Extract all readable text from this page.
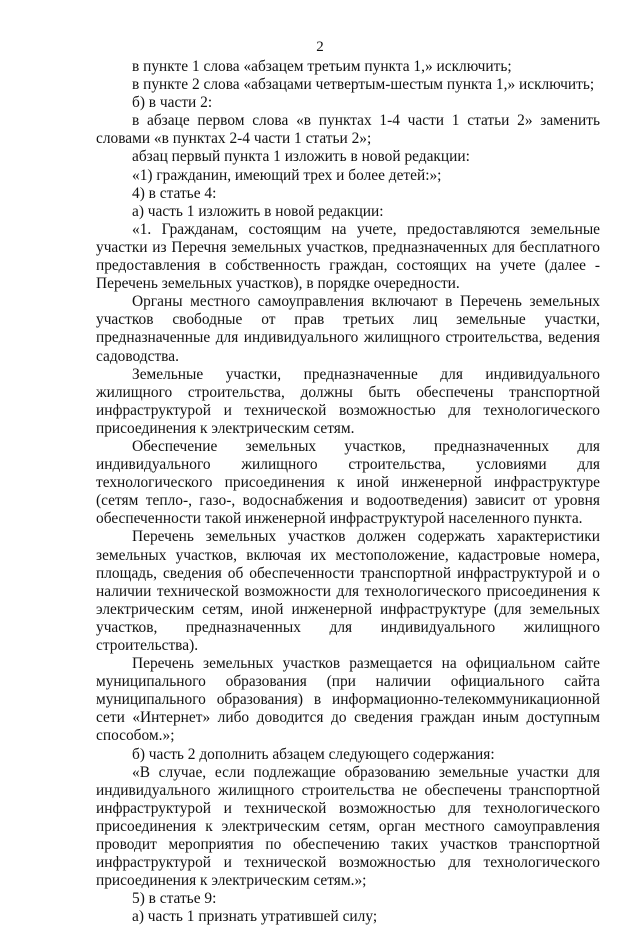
2

в пункте 1 слова «абзацем третьим пункта 1,» исключить;

в пункте 2 слова «абзацами четвертым-шестым пункта 1,» исключить;

б) в части 2:

в абзаце первом слова «в пунктах 1-4 части 1 статьи 2» заменить словами «в пунктах 2-4 части 1 статьи 2»;

абзац первый пункта 1 изложить в новой редакции:

«1) гражданин, имеющий трех и более детей:»;

4) в статье 4:

а) часть 1 изложить в новой редакции:

«1. Гражданам, состоящим на учете, предоставляются земельные участки из Перечня земельных участков, предназначенных для бесплатного предоставления в собственность граждан, состоящих на учете (далее - Перечень земельных участков), в порядке очередности.

Органы местного самоуправления включают в Перечень земельных участков свободные от прав третьих лиц земельные участки, предназначенные для индивидуального жилищного строительства, ведения садоводства.

Земельные участки, предназначенные для индивидуального жилищного строительства, должны быть обеспечены транспортной инфраструктурой и технической возможностью для технологического присоединения к электрическим сетям.

Обеспечение земельных участков, предназначенных для индивидуального жилищного строительства, условиями для технологического присоединения к иной инженерной инфраструктуре (сетям тепло-, газо-, водоснабжения и водоотведения) зависит от уровня обеспеченности такой инженерной инфраструктурой населенного пункта.

Перечень земельных участков должен содержать характеристики земельных участков, включая их местоположение, кадастровые номера, площадь, сведения об обеспеченности транспортной инфраструктурой и о наличии технической возможности для технологического присоединения к электрическим сетям, иной инженерной инфраструктуре (для земельных участков, предназначенных для индивидуального жилищного строительства).

Перечень земельных участков размещается на официальном сайте муниципального образования (при наличии официального сайта муниципального образования) в информационно-телекоммуникационной сети «Интернет» либо доводится до сведения граждан иным доступным способом.»;

б) часть 2 дополнить абзацем следующего содержания:

«В случае, если подлежащие образованию земельные участки для индивидуального жилищного строительства не обеспечены транспортной инфраструктурой и технической возможностью для технологического присоединения к электрическим сетям, орган местного самоуправления проводит мероприятия по обеспечению таких участков транспортной инфраструктурой и технической возможностью для технологического присоединения к электрическим сетям.»;

5) в статье 9:

а) часть 1 признать утратившей силу;
